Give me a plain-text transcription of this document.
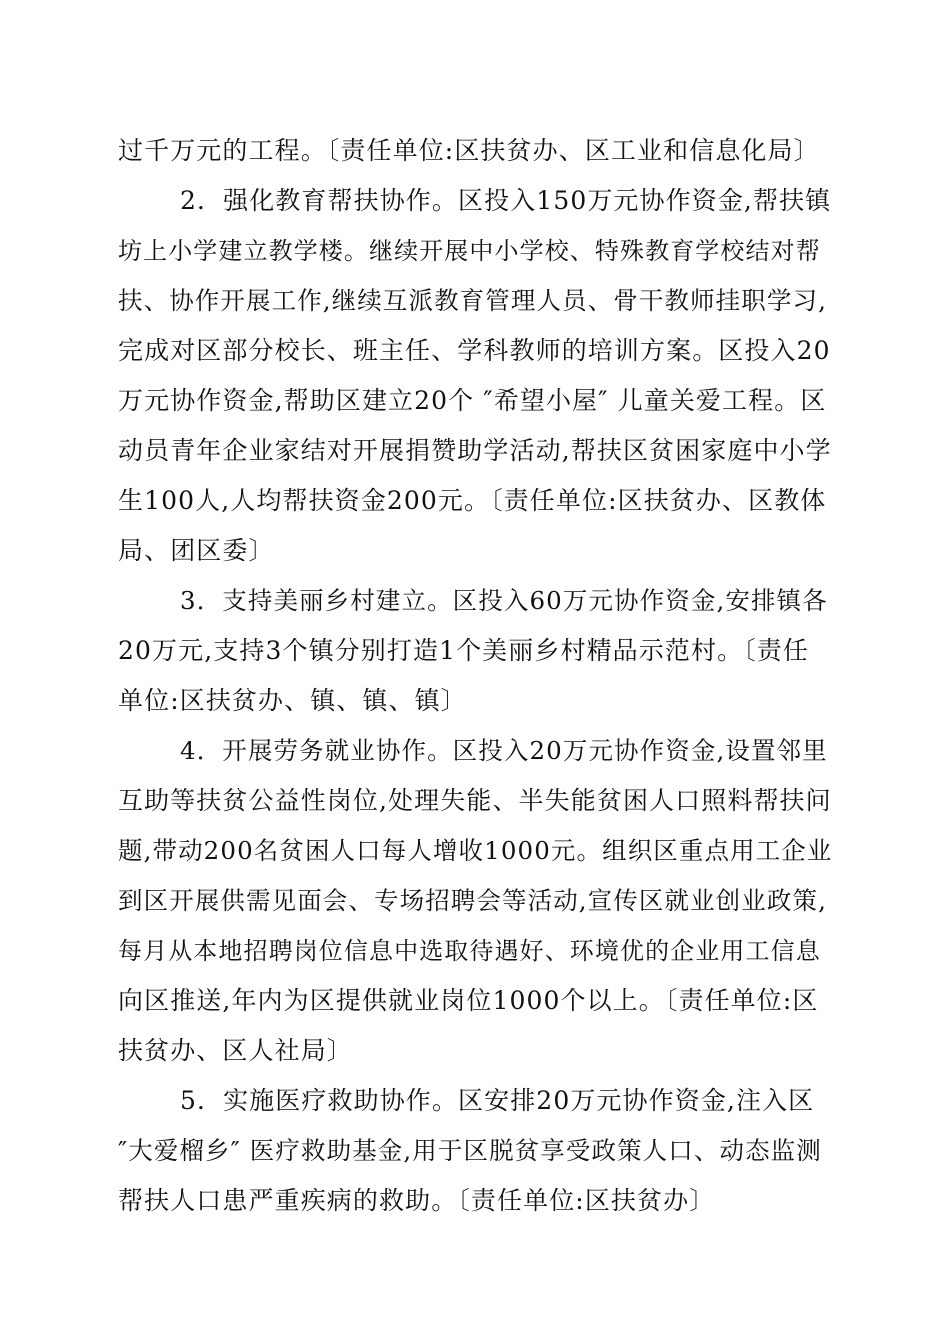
过千万元的工程。〔责任单位:区扶贫办、区工业和信息化局〕
2．强化教育帮扶协作。区投入150万元协作资金,帮扶镇
坊上小学建立教学楼。继续开展中小学校、特殊教育学校结对帮
扶、协作开展工作,继续互派教育管理人员、骨干教师挂职学习,
完成对区部分校长、班主任、学科教师的培训方案。区投入20
万元协作资金,帮助区建立20个 ″希望小屋″ 儿童关爱工程。区
动员青年企业家结对开展捐赞助学活动,帮扶区贫困家庭中小学
生100人,人均帮扶资金200元。〔责任单位:区扶贫办、区教体
局、团区委〕
3．支持美丽乡村建立。区投入60万元协作资金,安排镇各
20万元,支持3个镇分别打造1个美丽乡村精品示范村。〔责任
单位:区扶贫办、镇、镇、镇〕
4．开展劳务就业协作。区投入20万元协作资金,设置邻里
互助等扶贫公益性岗位,处理失能、半失能贫困人口照料帮扶问
题,带动200名贫困人口每人增收1000元。组织区重点用工企业
到区开展供需见面会、专场招聘会等活动,宣传区就业创业政策,
每月从本地招聘岗位信息中选取待遇好、环境优的企业用工信息
向区推送,年内为区提供就业岗位1000个以上。〔责任单位:区
扶贫办、区人社局〕
5．实施医疗救助协作。区安排20万元协作资金,注入区
″大爱榴乡″ 医疗救助基金,用于区脱贫享受政策人口、动态监测
帮扶人口患严重疾病的救助。〔责任单位:区扶贫办〕
